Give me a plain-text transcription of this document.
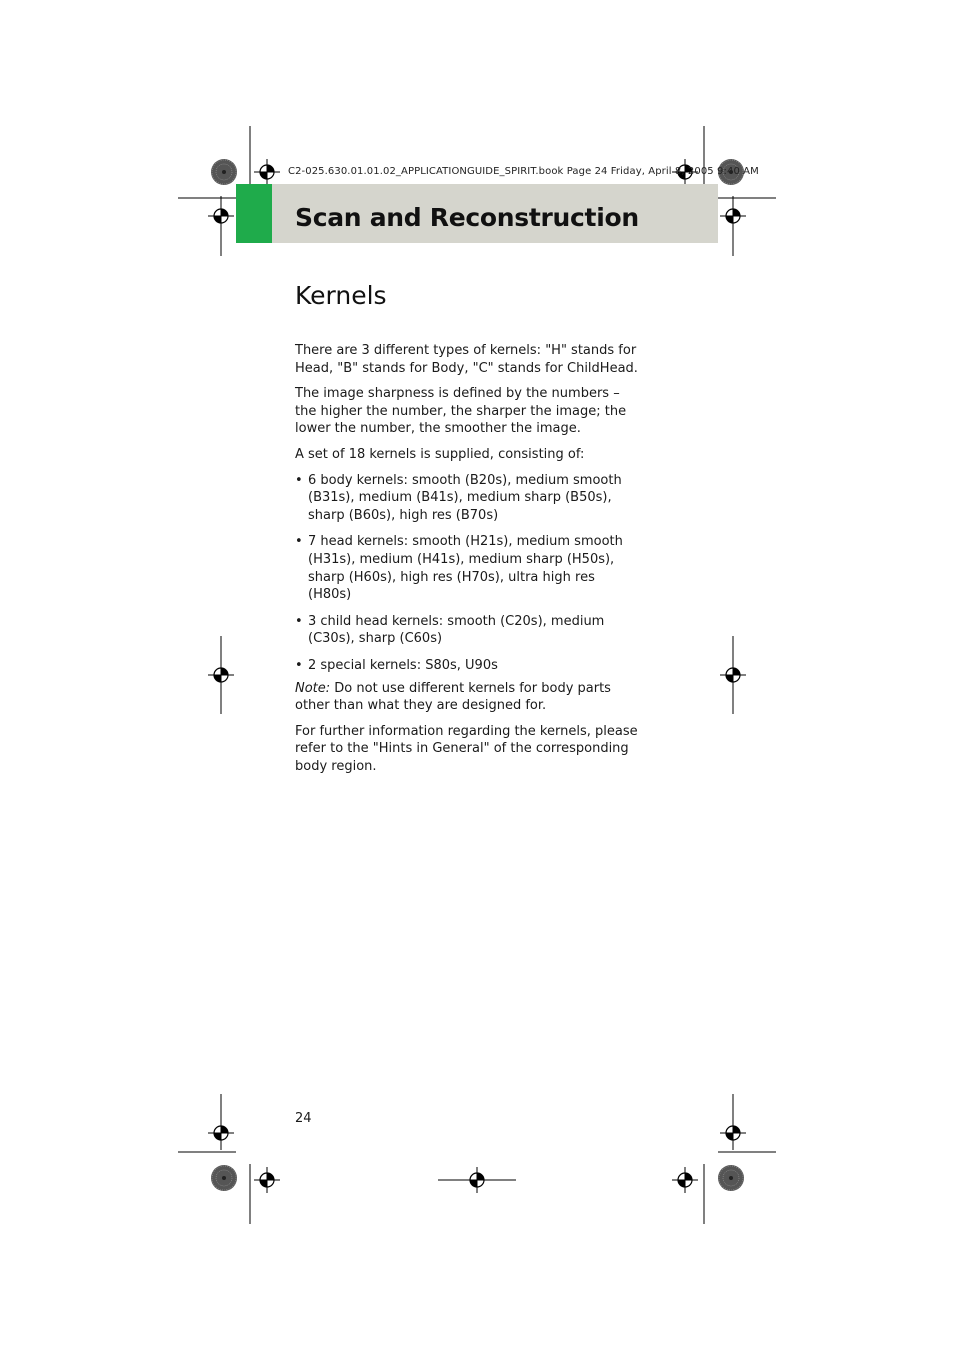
C2-025.630.01.01.02_APPLICATIONGUIDE_SPIRIT.book Page 24 Friday, April 8, 2005 9:40 AM
Scan and Reconstruction
Kernels

There are 3 different types of kernels: "H" stands for Head, "B" stands for Body, "C" stands for ChildHead.

The image sharpness is defined by the numbers – the higher the number, the sharper the image; the lower the number, the smoother the image.

A set of 18 kernels is supplied, consisting of:

• 6 body kernels: smooth (B20s), medium smooth (B31s), medium (B41s), medium sharp (B50s), sharp (B60s), high res (B70s)
• 7 head kernels: smooth (H21s), medium smooth (H31s), medium (H41s), medium sharp (H50s), sharp (H60s), high res (H70s), ultra high res (H80s)
• 3 child head kernels: smooth (C20s), medium (C30s), sharp (C60s)
• 2 special kernels: S80s, U90s

Note: Do not use different kernels for body parts other than what they are designed for.

For further information regarding the kernels, please refer to the "Hints in General" of the corresponding body region.

24
